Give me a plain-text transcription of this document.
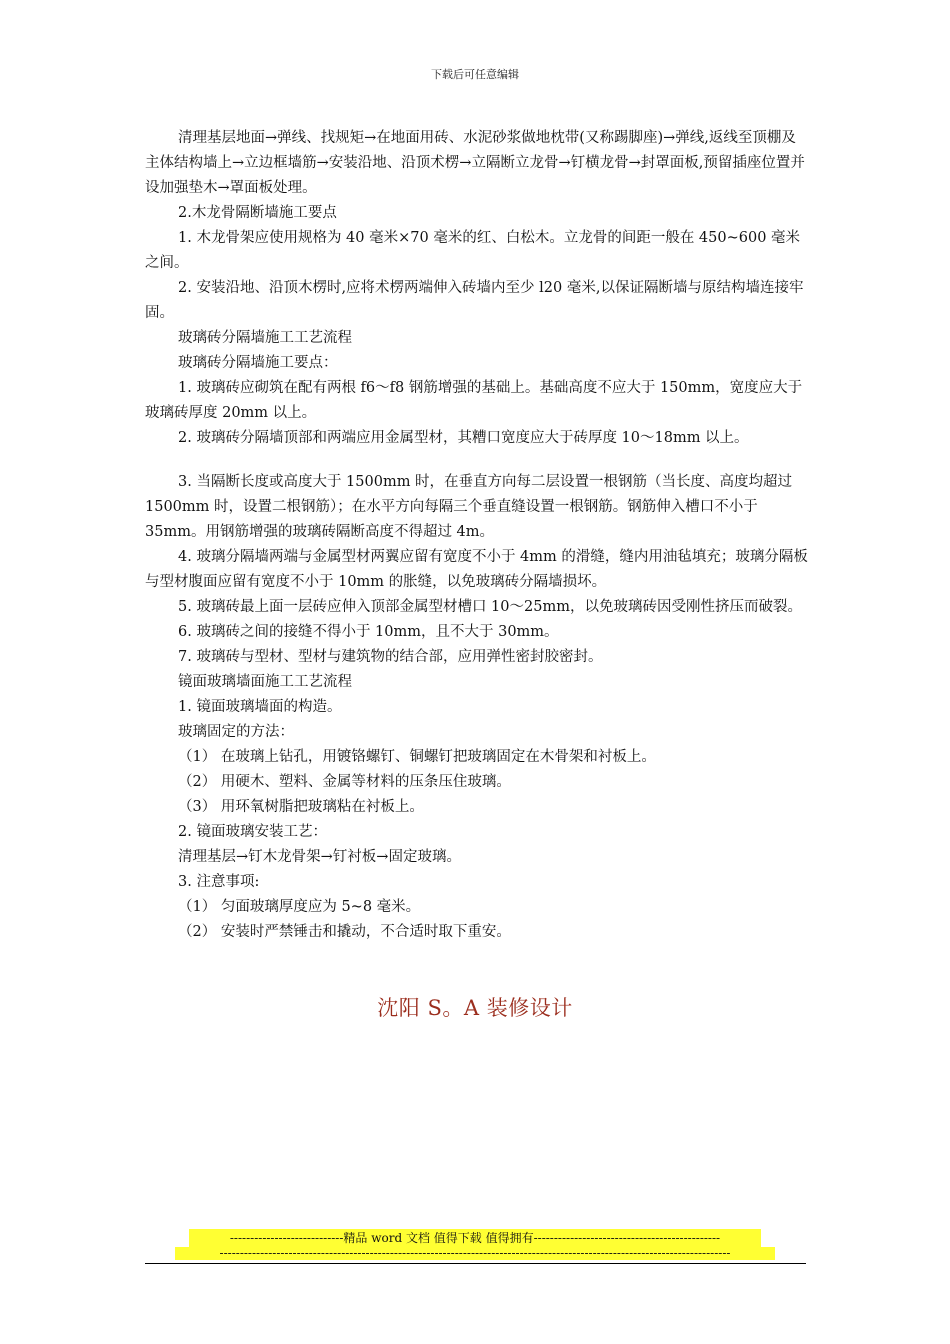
下载后可任意编辑

清理基层地面→弹线、找规矩→在地面用砖、水泥砂浆做地枕带(又称踢脚座)→弹线,返线至顶棚及主体结构墙上→立边框墙筋→安装沿地、沿顶术楞→立隔断立龙骨→钉横龙骨→封罩面板,预留插座位置并设加强垫木→罩面板处理。

2.木龙骨隔断墙施工要点

1. 木龙骨架应使用规格为 40 毫米×70 毫米的红、白松木。立龙骨的间距一般在 450~600 毫米之间。

2. 安装沿地、沿顶木楞时,应将术楞两端伸入砖墙内至少 l20 毫米,以保证隔断墙与原结构墙连接牢固。

玻璃砖分隔墙施工工艺流程

玻璃砖分隔墙施工要点：

1. 玻璃砖应砌筑在配有两根 f6～f8 钢筋增强的基础上。基础高度不应大于 150mm，宽度应大于玻璃砖厚度 20mm 以上。

2. 玻璃砖分隔墙顶部和两端应用金属型材，其糟口宽度应大于砖厚度 10～18mm 以上。

3. 当隔断长度或高度大于 1500mm 时，在垂直方向每二层设置一根钢筋（当长度、高度均超过 1500mm 时，设置二根钢筋）；在水平方向每隔三个垂直缝设置一根钢筋。钢筋伸入槽口不小于 35mm。用钢筋增强的玻璃砖隔断高度不得超过 4m。

4. 玻璃分隔墙两端与金属型材两翼应留有宽度不小于 4mm 的滑缝，缝内用油毡填充；玻璃分隔板与型材腹面应留有宽度不小于 10mm 的胀缝，以免玻璃砖分隔墙损坏。

5. 玻璃砖最上面一层砖应伸入顶部金属型材槽口 10～25mm，以免玻璃砖因受刚性挤压而破裂。

6. 玻璃砖之间的接缝不得小于 10mm，且不大于 30mm。

7. 玻璃砖与型材、型材与建筑物的结合部，应用弹性密封胶密封。

镜面玻璃墙面施工工艺流程

1. 镜面玻璃墙面的构造。

玻璃固定的方法：

（1） 在玻璃上钻孔，用镀铬螺钉、铜螺钉把玻璃固定在木骨架和衬板上。

（2） 用硬木、塑料、金属等材料的压条压住玻璃。

（3） 用环氧树脂把玻璃粘在衬板上。

2. 镜面玻璃安装工艺：

清理基层→钉木龙骨架→钉衬板→固定玻璃。

3. 注意事项:

（1） 匀面玻璃厚度应为 5~8 毫米。

（2） 安装时严禁锤击和撬动，不合适时取下重安。

沈阳 S。A 装修设计
----------------------------精品 word 文档 值得下载 值得拥有----------------------------------------------
------------------------------------------------------------------------------------------------------------------------------
